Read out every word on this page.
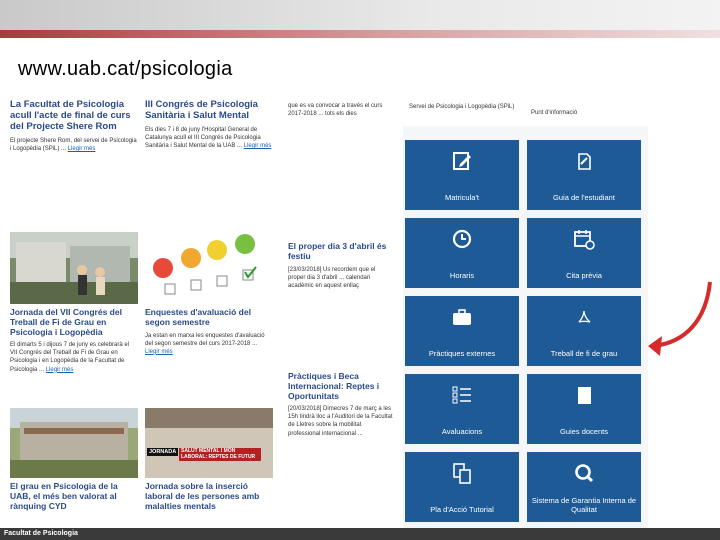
www.uab.cat/psicologia
La Facultat de Psicologia acull l'acte de final de curs del Projecte Shere Rom
El projecte Shere Rom, del servei de Psicologia i Logopèdia (SPiL) ... Llegir més
Jornada del VII Congrés del Treball de Fi de Grau en Psicologia i Logopèdia
El dimarts 5 i dijous 7 de juny es celebrarà el VII Congrés del Treball de Fi de Grau en Psicologia i en Logopèdia de la Facultat de Psicologia ... Llegir més
El grau en Psicologia de la UAB, el més ben valorat al rànquing CYD
III Congrés de Psicologia Sanitària i Salut Mental
Els dies 7 i 8 de juny l'Hospital General de Catalunya acull el III Congrés de Psicologia Sanitària i Salut Mental de la UAB ... Llegir més
Enquestes d'avaluació del segon semestre
Ja estan en marxa les enquestes d'avaluació del segon semestre del curs 2017-2018 ... Llegir més
JORNADA SALUT MENTAL I MÓN LABORAL: REPTES DE FUTUR
Jornada sobre la inserció laboral de les persones amb malalties mentals
que es va convocar a través el curs 2017-2018 ... tots els dies
El proper dia 3 d'abril és festiu
[23/03/2018] Us recordem que el proper dia 3 d'abril ... calendari acadèmic en aquest enllaç
Pràctiques i Beca Internacional: Reptes i Oportunitats
[20/03/2018] Dimecres 7 de març a les 15h tindrà lloc a l'Auditori de la Facultat de Lletres sobre la mobilitat professional internacional ...
Servei de Psicologia i Logopèdia (SPiL)
Punt d'informació
Matricula't	Guia de l'estudiant
Horaris	Cita prèvia
Pràctiques externes	Treball de fi de grau
Avaluacions	Guies docents
Pla d'Acció Tutorial
Sistema de Garantia Interna de Qualitat
Facultat de Psicologia
